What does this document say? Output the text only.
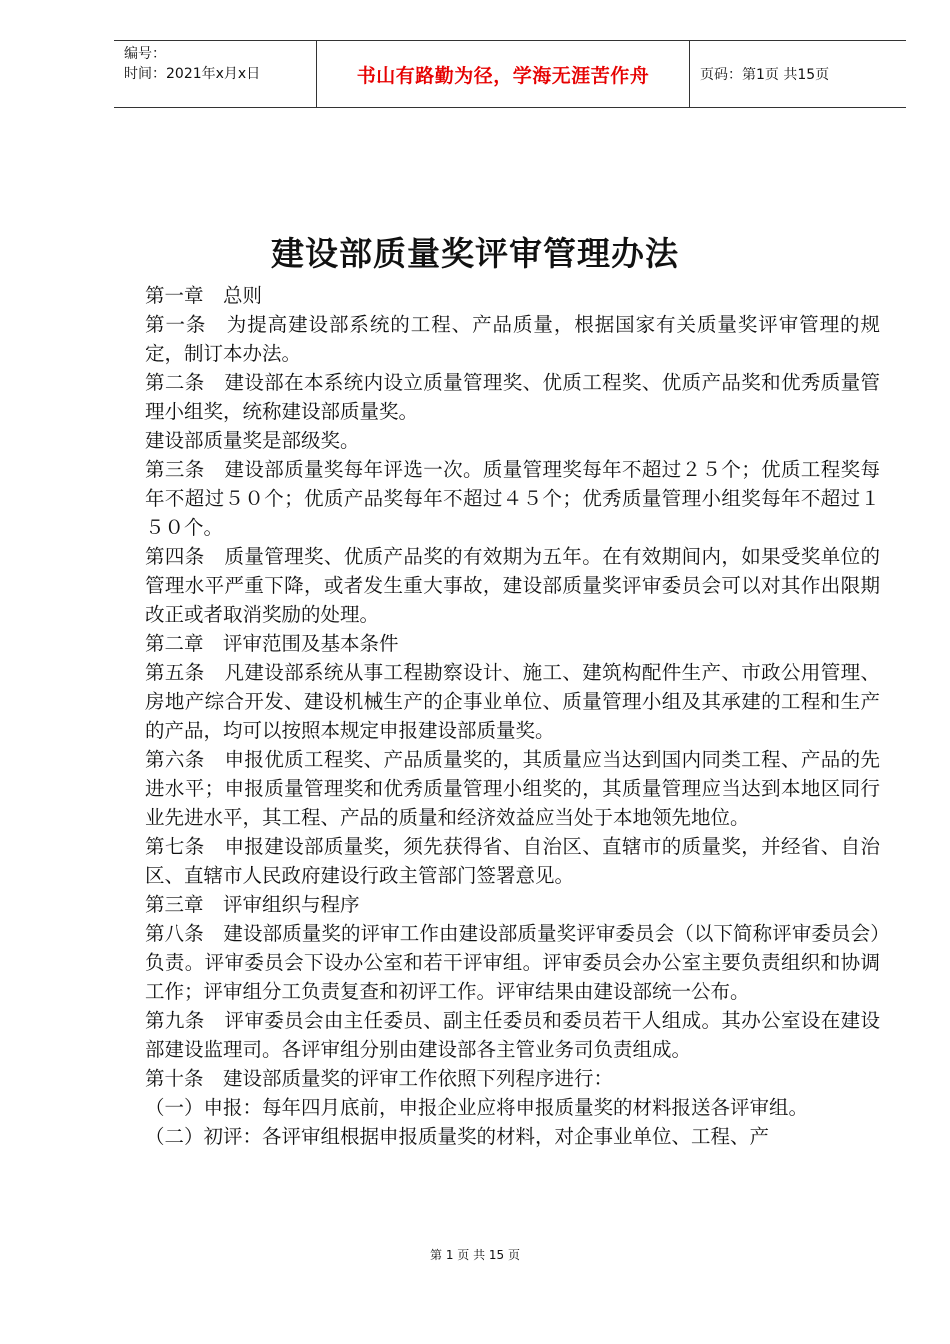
编号：
时间：2021年x月x日	书山有路勤为径，学海无涯苦作舟	页码：第1页 共15页
建设部质量奖评审管理办法

第一章　总则

第一条　为提高建设部系统的工程、产品质量，根据国家有关质量奖评审管理的规定，制订本办法。

第二条　建设部在本系统内设立质量管理奖、优质工程奖、优质产品奖和优秀质量管理小组奖，统称建设部质量奖。

建设部质量奖是部级奖。

第三条　建设部质量奖每年评选一次。质量管理奖每年不超过２５个；优质工程奖每年不超过５０个；优质产品奖每年不超过４５个；优秀质量管理小组奖每年不超过１５０个。

第四条　质量管理奖、优质产品奖的有效期为五年。在有效期间内，如果受奖单位的管理水平严重下降，或者发生重大事故，建设部质量奖评审委员会可以对其作出限期改正或者取消奖励的处理。

第二章　评审范围及基本条件

第五条　凡建设部系统从事工程勘察设计、施工、建筑构配件生产、市政公用管理、房地产综合开发、建设机械生产的企事业单位、质量管理小组及其承建的工程和生产的产品，均可以按照本规定申报建设部质量奖。

第六条　申报优质工程奖、产品质量奖的，其质量应当达到国内同类工程、产品的先进水平；申报质量管理奖和优秀质量管理小组奖的，其质量管理应当达到本地区同行业先进水平，其工程、产品的质量和经济效益应当处于本地领先地位。

第七条　申报建设部质量奖，须先获得省、自治区、直辖市的质量奖，并经省、自治区、直辖市人民政府建设行政主管部门签署意见。

第三章　评审组织与程序

第八条　建设部质量奖的评审工作由建设部质量奖评审委员会（以下简称评审委员会）负责。评审委员会下设办公室和若干评审组。评审委员会办公室主要负责组织和协调工作；评审组分工负责复查和初评工作。评审结果由建设部统一公布。

第九条　评审委员会由主任委员、副主任委员和委员若干人组成。其办公室设在建设部建设监理司。各评审组分别由建设部各主管业务司负责组成。

第十条　建设部质量奖的评审工作依照下列程序进行：

（一）申报：每年四月底前，申报企业应将申报质量奖的材料报送各评审组。

（二）初评：各评审组根据申报质量奖的材料，对企事业单位、工程、产

第 1 页 共 15 页
